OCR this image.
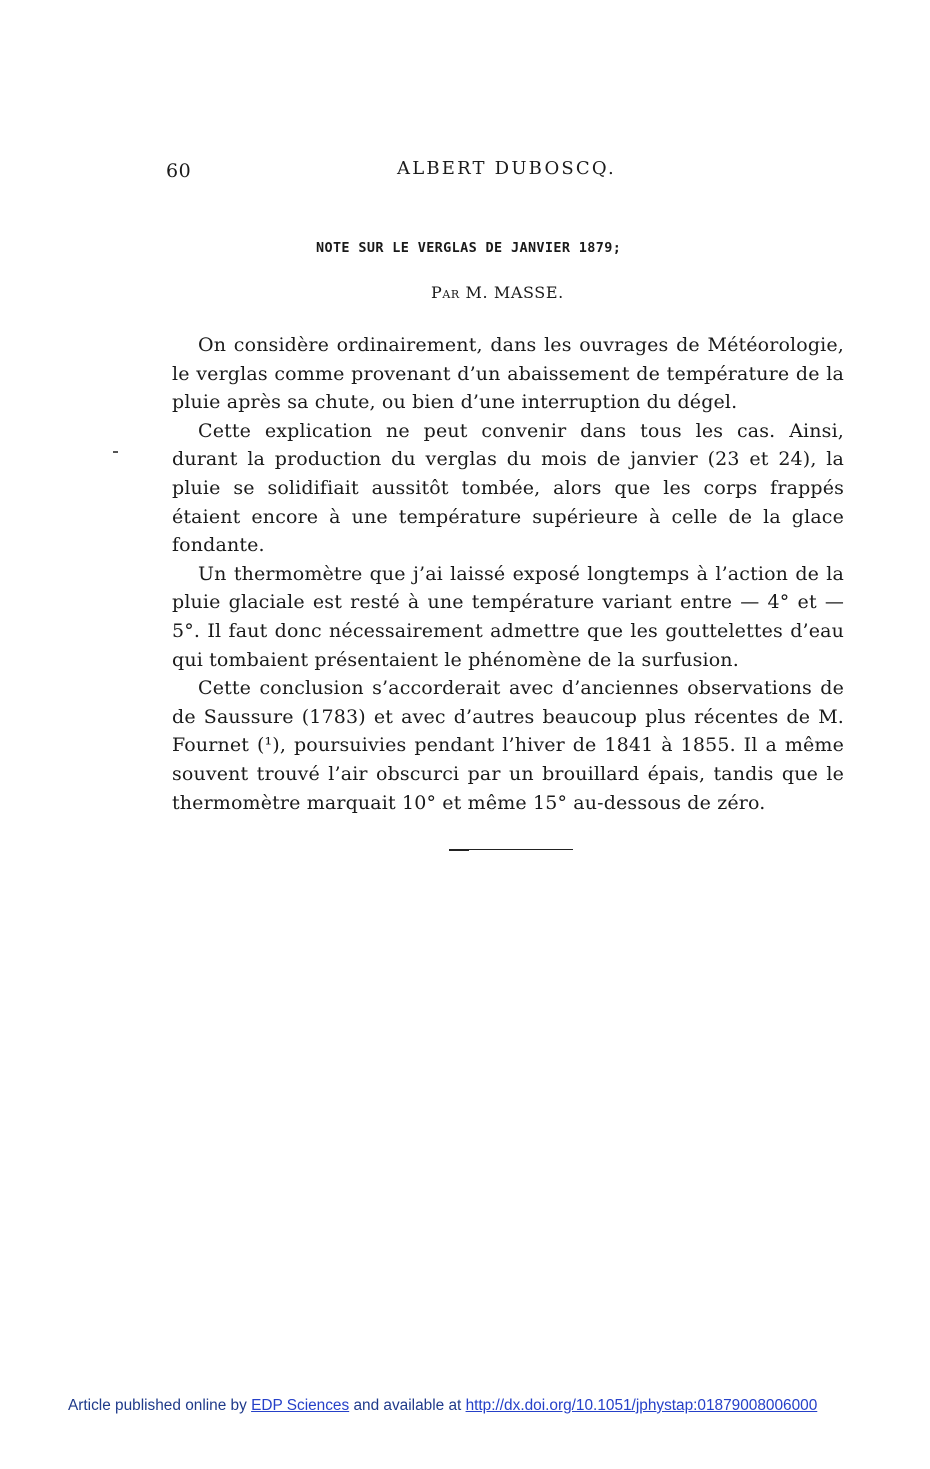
60	ALBERT DUBOSCQ.
NOTE SUR LE VERGLAS DE JANVIER 1879;
Par M. MASSE.

On considère ordinairement, dans les ouvrages de Météorologie, le verglas comme provenant d’un abaissement de température de la pluie après sa chute, ou bien d’une interruption du dégel.

Cette explication ne peut convenir dans tous les cas. Ainsi, durant la production du verglas du mois de janvier (23 et 24), la pluie se solidifiait aussitôt tombée, alors que les corps frappés étaient encore à une température supérieure à celle de la glace fondante.

Un thermomètre que j’ai laissé exposé longtemps à l’action de la pluie glaciale est resté à une température variant entre — 4° et — 5°. Il faut donc nécessairement admettre que les gouttelettes d’eau qui tombaient présentaient le phénomène de la surfusion.

Cette conclusion s’accorderait avec d’anciennes observations de de Saussure (1783) et avec d’autres beaucoup plus récentes de M. Fournet (¹), poursuivies pendant l’hiver de 1841 à 1855. Il a même souvent trouvé l’air obscurci par un brouillard épais, tandis que le thermomètre marquait 10° et même 15° au-dessous de zéro.

Article published online by EDP Sciences and available at http://dx.doi.org/10.1051/jphystap:01879008006000
